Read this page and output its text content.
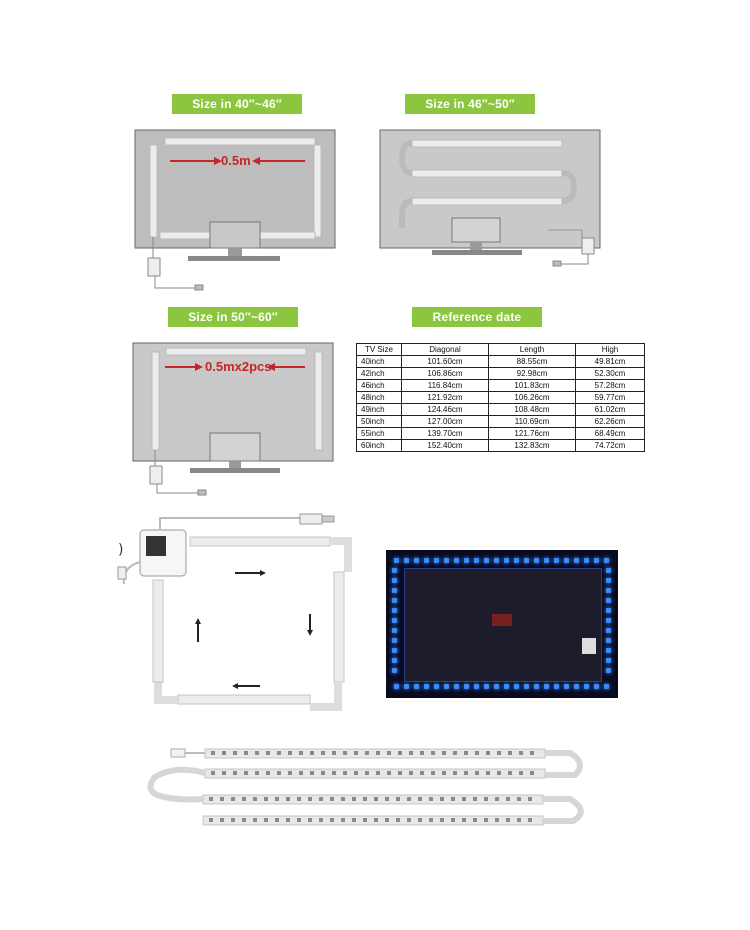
Size in 40″~46″	Size in 46″~50″
Size in 50″~60″	Reference date
0.5m
0.5mx2pcs
TV Size	Diagonal	Length	High
40inch	101.60cm	88.55cm	49.81cm
42inch	106.86cm	92.98cm	52.30cm
46inch	116.84cm	101.83cm	57.28cm
48inch	121.92cm	106.26cm	59.77cm
49inch	124.46cm	108.48cm	61.02cm
50inch	127.00cm	110.69cm	62.26cm
55inch	139.70cm	121.76cm	68.49cm
60inch	152.40cm	132.83cm	74.72cm
)
